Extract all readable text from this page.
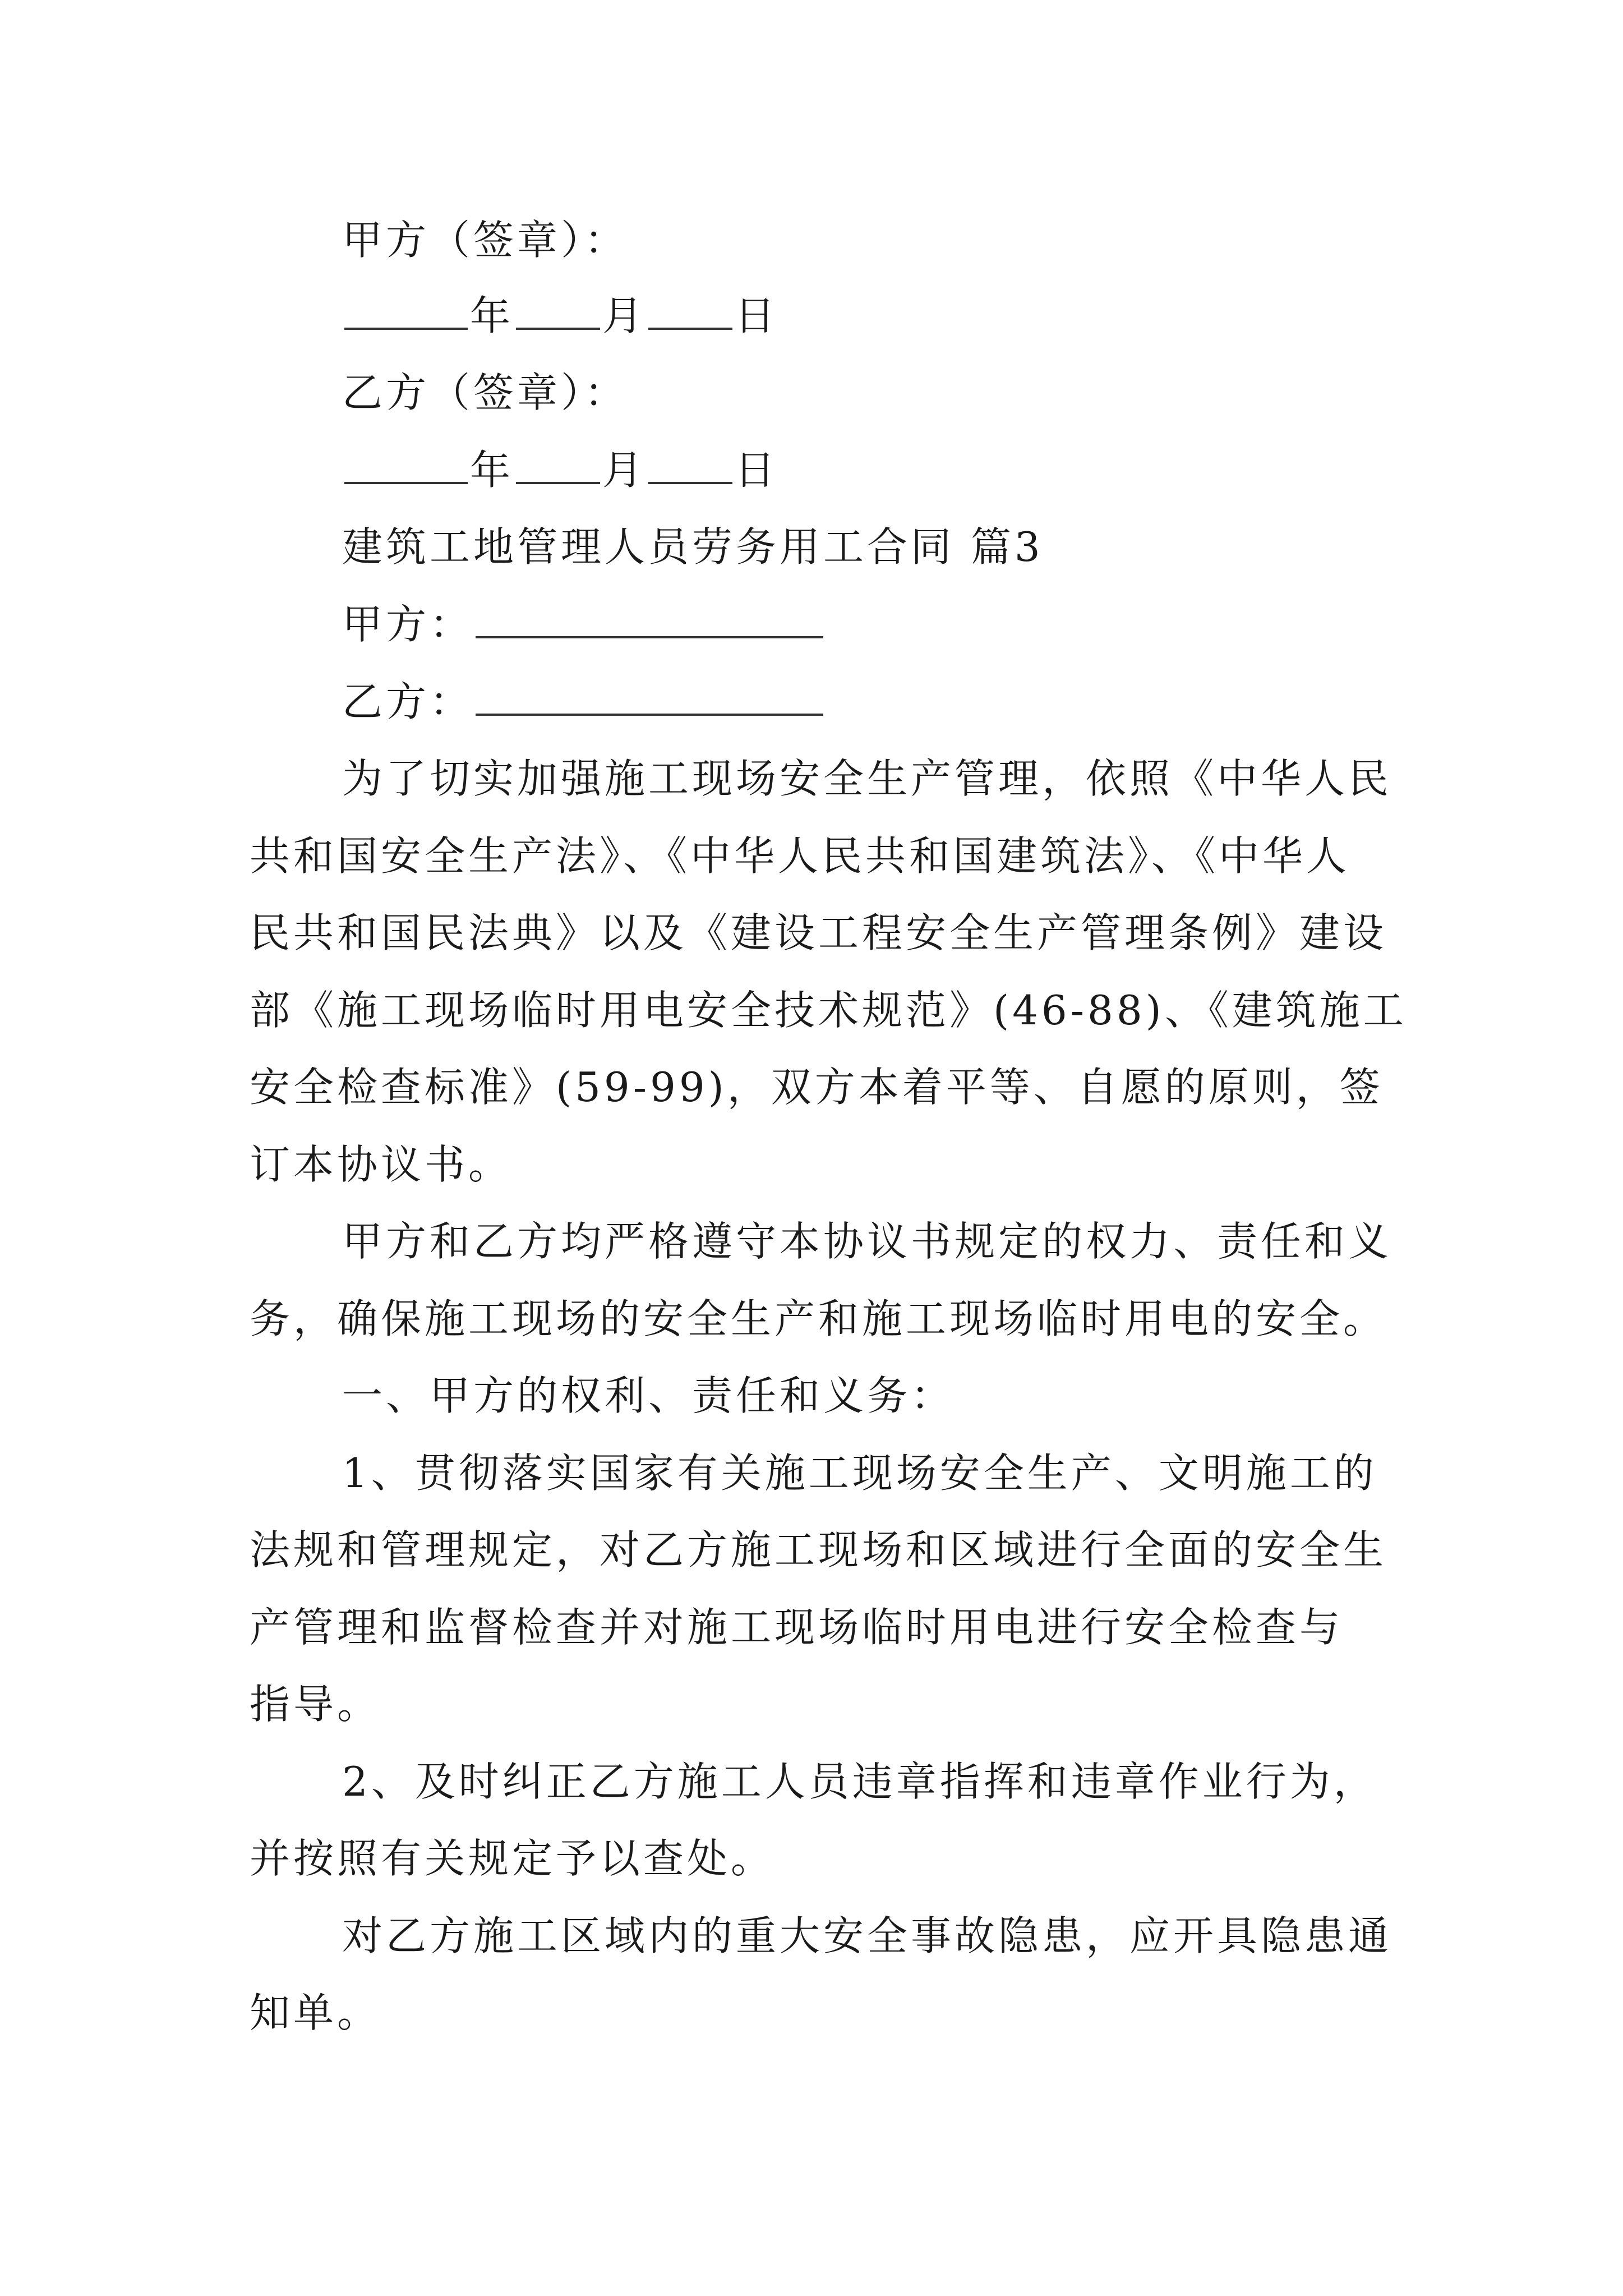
甲方（签章）：
年 月 日
乙方（签章）：
年 月 日
建筑工地管理人员劳务用工合同 篇3
甲方：
乙方：
为了切实加强施工现场安全生产管理，依照《中华人民
共和国安全生产法》、《中华人民共和国建筑法》、《中华人
民共和国民法典》以及《建设工程安全生产管理条例》建设
部《施工现场临时用电安全技术规范》(46-88)、《建筑施工
安全检查标准》(59-99)，双方本着平等、自愿的原则，签
订本协议书。
甲方和乙方均严格遵守本协议书规定的权力、责任和义
务，确保施工现场的安全生产和施工现场临时用电的安全。
一、甲方的权利、责任和义务：
1、贯彻落实国家有关施工现场安全生产、文明施工的
法规和管理规定，对乙方施工现场和区域进行全面的安全生
产管理和监督检查并对施工现场临时用电进行安全检查与
指导。
2、及时纠正乙方施工人员违章指挥和违章作业行为，
并按照有关规定予以查处。
对乙方施工区域内的重大安全事故隐患，应开具隐患通
知单。
